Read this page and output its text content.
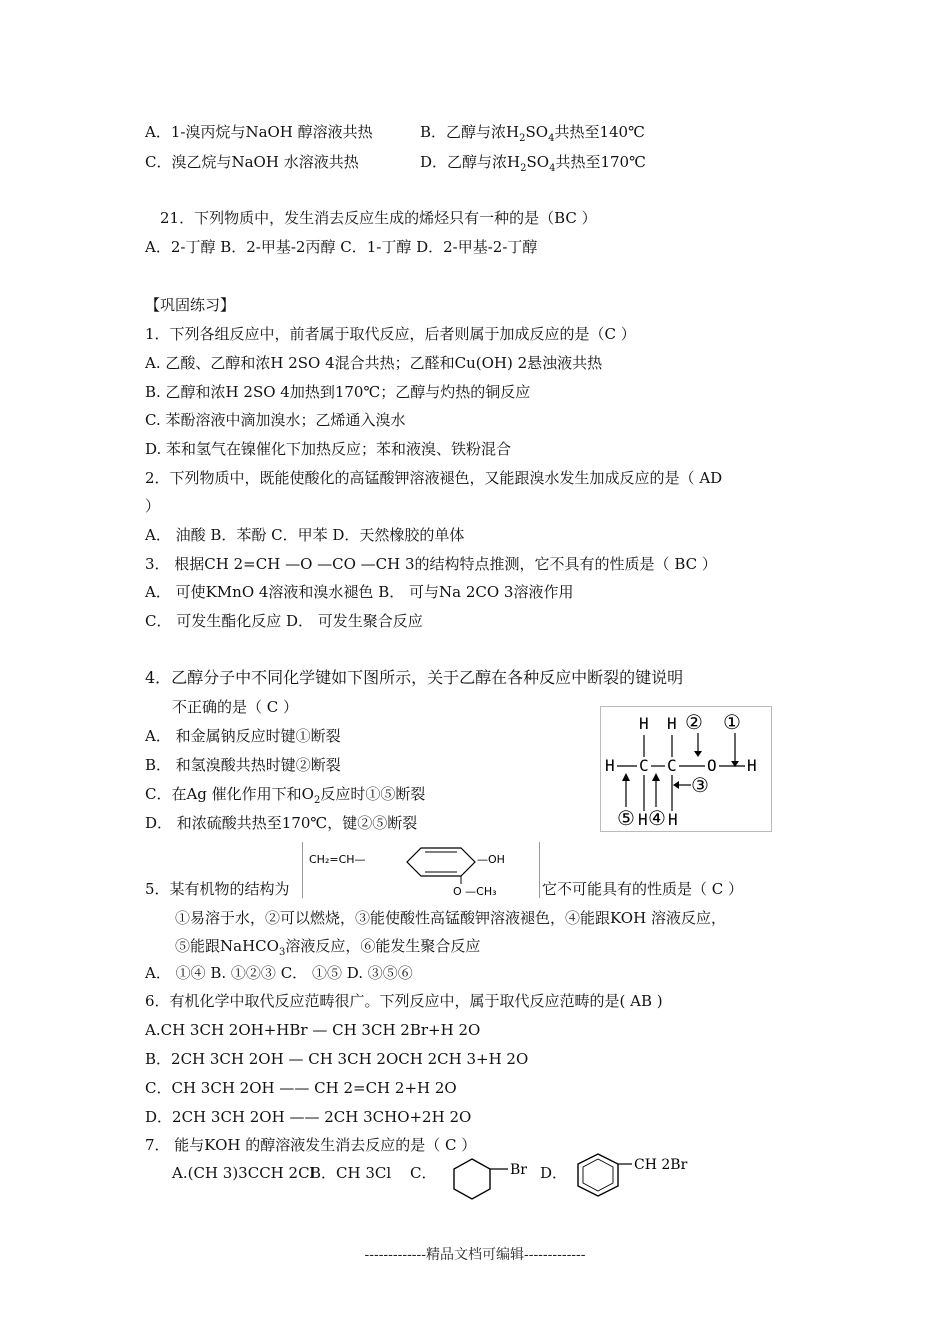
A．1-溴丙烷与NaOH 醇溶液共热	B．乙醇与浓$H_2SO_4$共热至140℃
C．溴乙烷与NaOH 水溶液共热	D．乙醇与浓$H_2SO_4$共热至170℃
21．下列物质中，发生消去反应生成的烯烃只有一种的是（BC ）
A．2-丁醇 B．2-甲基-2丙醇 C．1-丁醇 D．2-甲基-2-丁醇
【巩固练习】
1．下列各组反应中，前者属于取代反应，后者则属于加成反应的是（C ）
A. 乙酸、乙醇和浓H 2SO 4混合共热；乙醛和Cu(OH) 2悬浊液共热
B. 乙醇和浓H 2SO 4加热到170℃；乙醇与灼热的铜反应
C. 苯酚溶液中滴加溴水；乙烯通入溴水
D. 苯和氢气在镍催化下加热反应；苯和液溴、铁粉混合
2．下列物质中，既能使酸化的高锰酸钾溶液褪色，又能跟溴水发生加成反应的是（ AD
）
A． 油酸 B．苯酚 C．甲苯 D．天然橡胶的单体
3． 根据CH 2=CH —O —CO —CH 3的结构特点推测，它不具有的性质是（ BC ）
A． 可使KMnO 4溶液和溴水褪色 B． 可与Na 2CO 3溶液作用
C． 可发生酯化反应 D． 可发生聚合反应
4．乙醇分子中不同化学键如下图所示，关于乙醇在各种反应中断裂的键说明
不正确的是（ C ）
A． 和金属钠反应时键①断裂
B． 和氢溴酸共热时键②断裂
C．在Ag 催化作用下和$O_2$反应时①⑤断裂
D． 和浓硫酸共热至170℃，键②⑤断裂
H H ② ①
H C C O H
③
⑤ H ④ H
5．某有机物的结构为
CH₂=CH—	—OH
O —CH₃	它不可能具有的性质是（ C ）
①易溶于水，②可以燃烧，③能使酸性高锰酸钾溶液褪色，④能跟KOH 溶液反应，
⑤能跟NaHCO$_3$溶液反应，⑥能发生聚合反应
A． ①④ B. ①②③ C． ①⑤ D. ③⑤⑥
6．有机化学中取代反应范畴很广。下列反应中，属于取代反应范畴的是( AB )
A.CH 3CH 2OH+HBr — CH 3CH 2Br+H 2O
B．2CH 3CH 2OH — CH 3CH 2OCH 2CH 3+H 2O
C．CH 3CH 2OH —— CH 2=CH 2+H 2O
D．2CH 3CH 2OH —— 2CH 3CHO+2H 2O
7． 能与KOH 的醇溶液发生消去反应的是（ C ）
A.(CH 3)3CCH 2Cl
B．CH 3Cl C．	Br D．	CH 2Br
-------------精品文档可编辑-------------
